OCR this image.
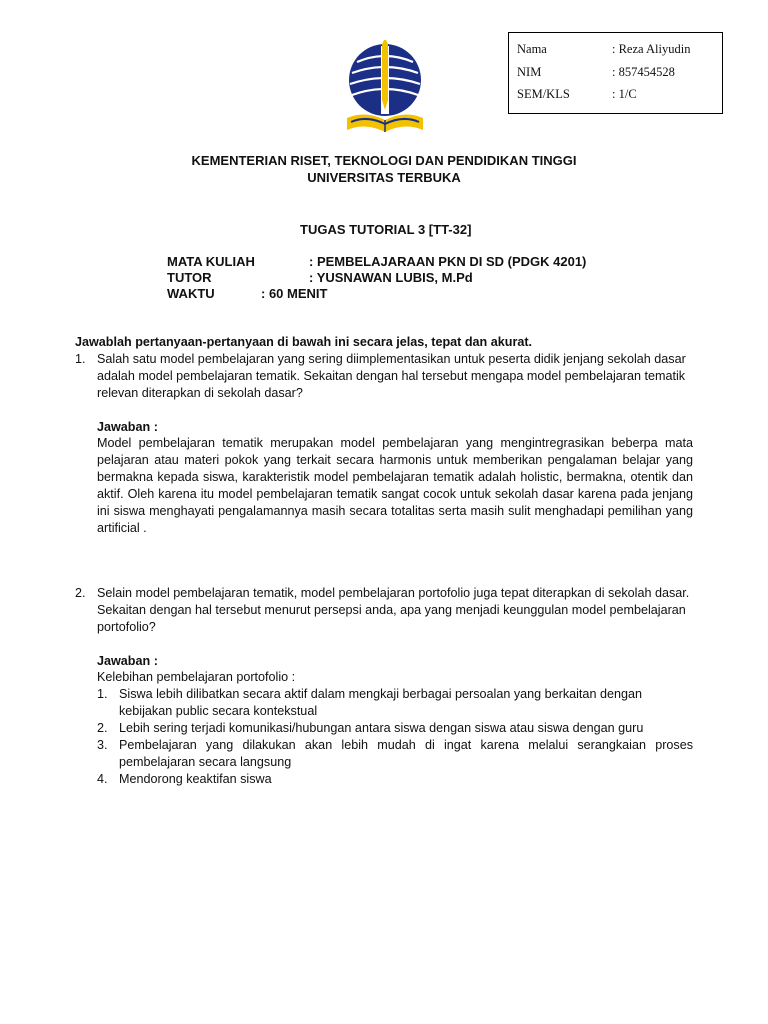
Nama	: Reza Aliyudin
NIM	: 857454528
SEM/KLS	: 1/C
KEMENTERIAN RISET, TEKNOLOGI DAN PENDIDIKAN TINGGI
UNIVERSITAS TERBUKA
TUGAS TUTORIAL 3 [TT-32]
MATA KULIAH	: PEMBELAJARAAN PKN DI SD (PDGK 4201)
TUTOR	: YUSNAWAN LUBIS, M.Pd
WAKTU	: 60 MENIT
Jawablah pertanyaan-pertanyaan di bawah ini secara jelas, tepat dan akurat.
1. Salah satu model pembelajaran yang sering diimplementasikan untuk peserta didik jenjang sekolah dasar
adalah model pembelajaran tematik. Sekaitan dengan hal tersebut mengapa model pembelajaran tematik
relevan diterapkan di sekolah dasar?
Jawaban :
Model pembelajaran tematik merupakan model pembelajaran yang mengintregrasikan beberpa mata
pelajaran atau materi pokok yang terkait secara harmonis untuk memberikan pengalaman belajar yang
bermakna kepada siswa, karakteristik model pembelajaran tematik adalah holistic, bermakna, otentik dan
aktif. Oleh karena itu model pembelajaran tematik sangat cocok untuk sekolah dasar karena pada jenjang
ini siswa menghayati pengalamannya masih secara totalitas serta masih sulit menghadapi pemilihan yang
artificial .
2. Selain model pembelajaran tematik, model pembelajaran portofolio juga tepat diterapkan di sekolah dasar.
Sekaitan dengan hal tersebut menurut persepsi anda, apa yang menjadi keunggulan model pembelajaran
portofolio?
Jawaban :
Kelebihan pembelajaran portofolio :
1. Siswa lebih dilibatkan secara aktif dalam mengkaji berbagai persoalan yang berkaitan dengan
kebijakan public secara kontekstual
2. Lebih sering terjadi komunikasi/hubungan antara siswa dengan siswa atau siswa dengan guru
3. Pembelajaran yang dilakukan akan lebih mudah di ingat karena melalui serangkaian proses
pembelajaran secara langsung
4. Mendorong keaktifan siswa
